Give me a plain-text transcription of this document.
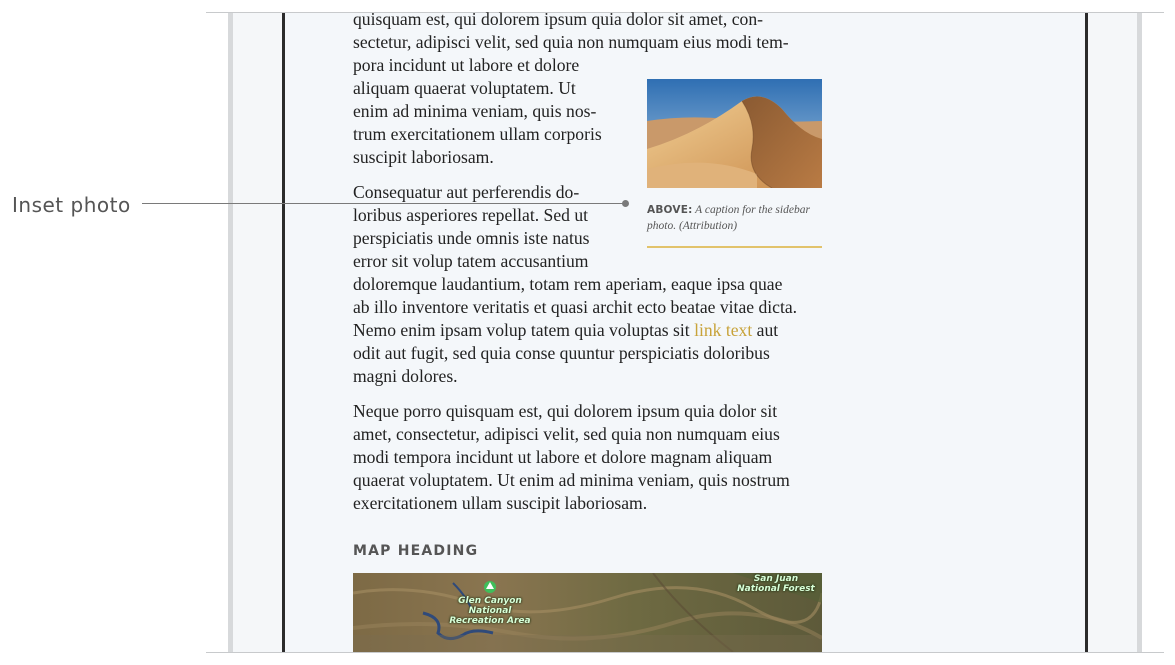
quisquam est, qui dolorem ipsum quia dolor sit amet, con-
sectetur, adipisci velit, sed quia non numquam eius modi tem-
pora incidunt ut labore et dolore
aliquam quaerat voluptatem. Ut
enim ad minima veniam, quis nos-
trum exercitationem ullam corporis
suscipit laboriosam.

Consequatur aut perferendis do-
loribus asperiores repellat. Sed ut
perspiciatis unde omnis iste natus
error sit volup tatem accusantium
doloremque laudantium, totam rem aperiam, eaque ipsa quae
ab illo inventore veritatis et quasi archit ecto beatae vitae dicta.
Nemo enim ipsam volup tatem quia voluptas sit link text aut
odit aut fugit, sed quia conse quuntur perspiciatis doloribus
magni dolores.

Neque porro quisquam est, qui dolorem ipsum quia dolor sit
amet, consectetur, adipisci velit, sed quia non numquam eius
modi tempora incidunt ut labore et dolore magnam aliquam
quaerat voluptatem. Ut enim ad minima veniam, quis nostrum
exercitationem ullam suscipit laboriosam.

ABOVE: A caption for the sidebar photo. (Attribution)
Inset photo
MAP HEADING
Glen Canyon National Recreation Area
San Juan National Forest
